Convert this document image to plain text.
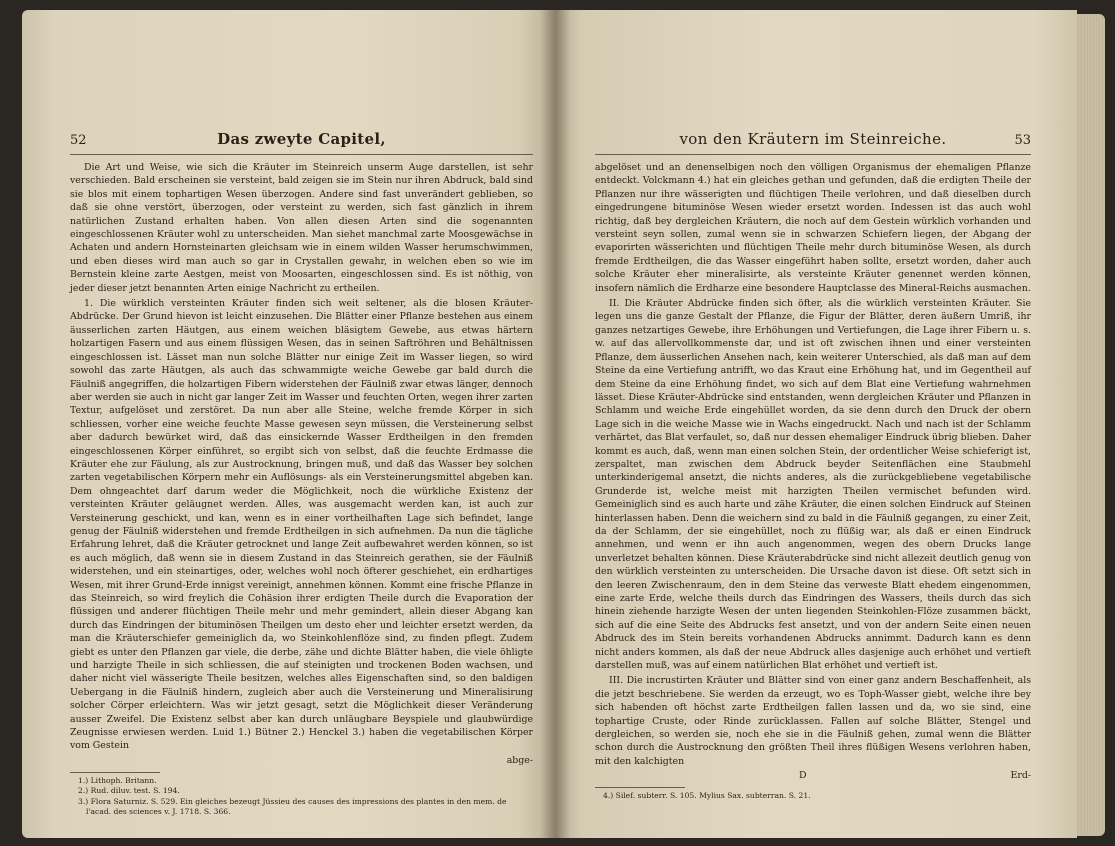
52	Das zweyte Capitel,

Die Art und Weise, wie sich die Kräuter im Steinreich unserm Auge darstellen, ist sehr verschieden. Bald erscheinen sie versteint, bald zeigen sie im Stein nur ihren Abdruck, bald sind sie blos mit einem tophartigen Wesen überzogen. Andere sind fast unverändert geblieben, so daß sie ohne verstört, überzogen, oder versteint zu werden, sich fast gänzlich in ihrem natürlichen Zustand erhalten haben. Von allen diesen Arten sind die sogenannten eingeschlossenen Kräuter wohl zu unterscheiden. Man siehet manchmal zarte Moosgewächse in Achaten und andern Hornsteinarten gleichsam wie in einem wilden Wasser herumschwimmen, und eben dieses wird man auch so gar in Crystallen gewahr, in welchen eben so wie im Bernstein kleine zarte Aestgen, meist von Moosarten, eingeschlossen sind. Es ist nöthig, von jeder dieser jetzt benannten Arten einige Nachricht zu ertheilen.

1. Die würklich versteinten Kräuter finden sich weit seltener, als die blosen Kräuter-Abdrücke. Der Grund hievon ist leicht einzusehen. Die Blätter einer Pflanze bestehen aus einem äusserlichen zarten Häutgen, aus einem weichen bläsigtem Gewebe, aus etwas härtern holzartigen Fasern und aus einem flüssigen Wesen, das in seinen Saftröhren und Behältnissen eingeschlossen ist. Lässet man nun solche Blätter nur einige Zeit im Wasser liegen, so wird sowohl das zarte Häutgen, als auch das schwammigte weiche Gewebe gar bald durch die Fäulniß angegriffen, die holzartigen Fibern widerstehen der Fäulniß zwar etwas länger, dennoch aber werden sie auch in nicht gar langer Zeit im Wasser und feuchten Orten, wegen ihrer zarten Textur, aufgelöset und zerstöret. Da nun aber alle Steine, welche fremde Körper in sich schliessen, vorher eine weiche feuchte Masse gewesen seyn müssen, die Versteinerung selbst aber dadurch bewürket wird, daß das einsickernde Wasser Erdtheilgen in den fremden eingeschlossenen Körper einführet, so ergibt sich von selbst, daß die feuchte Erdmasse die Kräuter ehe zur Fäulung, als zur Austrocknung, bringen muß, und daß das Wasser bey solchen zarten vegetabilischen Körpern mehr ein Auflösungs- als ein Versteinerungsmittel abgeben kan. Dem ohngeachtet darf darum weder die Möglichkeit, noch die würkliche Existenz der versteinten Kräuter geläugnet werden. Alles, was ausgemacht werden kan, ist auch zur Versteinerung geschickt, und kan, wenn es in einer vortheilhaften Lage sich befindet, lange genug der Fäulniß widerstehen und fremde Erdtheilgen in sich aufnehmen. Da nun die tägliche Erfahrung lehret, daß die Kräuter getrocknet und lange Zeit aufbewahret werden können, so ist es auch möglich, daß wenn sie in diesem Zustand in das Steinreich gerathen, sie der Fäulniß widerstehen, und ein steinartiges, oder, welches wohl noch öfterer geschiehet, ein erdhartiges Wesen, mit ihrer Grund-Erde innigst vereinigt, annehmen können. Kommt eine frische Pflanze in das Steinreich, so wird freylich die Cohäsion ihrer erdigten Theile durch die Evaporation der flüssigen und anderer flüchtigen Theile mehr und mehr gemindert, allein dieser Abgang kan durch das Eindringen der bituminösen Theilgen um desto eher und leichter ersetzt werden, da man die Kräuterschiefer gemeiniglich da, wo Steinkohlenflöze sind, zu finden pflegt. Zudem giebt es unter den Pflanzen gar viele, die derbe, zähe und dichte Blätter haben, die viele öhligte und harzigte Theile in sich schliessen, die auf steinigten und trockenen Boden wachsen, und daher nicht viel wässerigte Theile besitzen, welches alles Eigenschaften sind, so den baldigen Uebergang in die Fäulniß hindern, zugleich aber auch die Versteinerung und Mineralisirung solcher Cörper erleichtern. Was wir jetzt gesagt, setzt die Möglichkeit dieser Veränderung ausser Zweifel. Die Existenz selbst aber kan durch unläugbare Beyspiele und glaubwürdige Zeugnisse erwiesen werden. Luid 1.) Bütner 2.) Henckel 3.) haben die vegetabilischen Körper vom Gestein

abge-

1.) Lithoph. Britann.

2.) Rud. diluv. test. S. 194.

3.) Flora Saturniz. S. 529. Ein gleiches bezeugt Jüssieu des causes des impressions des plantes in den mem. de l'acad. des sciences v. J. 1718. S. 366.

von den Kräutern im Steinreiche.	53

abgelöset und an denenselbigen noch den völligen Organismus der ehemaligen Pflanze entdeckt. Volckmann 4.) hat ein gleiches gethan und gefunden, daß die erdigten Theile der Pflanzen nur ihre wässerigten und flüchtigen Theile verlohren, und daß dieselben durch eingedrungene bituminöse Wesen wieder ersetzt worden. Indessen ist das auch wohl richtig, daß bey dergleichen Kräutern, die noch auf dem Gestein würklich vorhanden und versteint seyn sollen, zumal wenn sie in schwarzen Schiefern liegen, der Abgang der evaporirten wässerichten und flüchtigen Theile mehr durch bituminöse Wesen, als durch fremde Erdtheilgen, die das Wasser eingeführt haben sollte, ersetzt worden, daher auch solche Kräuter eher mineralisirte, als versteinte Kräuter genennet werden können, insofern nämlich die Erdharze eine besondere Hauptclasse des Mineral-Reichs ausmachen.

II. Die Kräuter Abdrücke finden sich öfter, als die würklich versteinten Kräuter. Sie legen uns die ganze Gestalt der Pflanze, die Figur der Blätter, deren äußern Umriß, ihr ganzes netzartiges Gewebe, ihre Erhöhungen und Vertiefungen, die Lage ihrer Fibern u. s. w. auf das allervollkommenste dar, und ist oft zwischen ihnen und einer versteinten Pflanze, dem äusserlichen Ansehen nach, kein weiterer Unterschied, als daß man auf dem Steine da eine Vertiefung antrifft, wo das Kraut eine Erhöhung hat, und im Gegentheil auf dem Steine da eine Erhöhung findet, wo sich auf dem Blat eine Vertiefung wahrnehmen lässet. Diese Kräuter-Abdrücke sind entstanden, wenn dergleichen Kräuter und Pflanzen in Schlamm und weiche Erde eingehüllet worden, da sie denn durch den Druck der obern Lage sich in die weiche Masse wie in Wachs eingedruckt. Nach und nach ist der Schlamm verhärtet, das Blat verfaulet, so, daß nur dessen ehemaliger Eindruck übrig blieben. Daher kommt es auch, daß, wenn man einen solchen Stein, der ordentlicher Weise schieferigt ist, zerspaltet, man zwischen dem Abdruck beyder Seitenflächen eine Staubmehl unterkinderigemal ansetzt, die nichts anderes, als die zurückgebliebene vegetabilische Grunderde ist, welche meist mit harzigten Theilen vermischet befunden wird. Gemeiniglich sind es auch harte und zähe Kräuter, die einen solchen Eindruck auf Steinen hinterlassen haben. Denn die weichern sind zu bald in die Fäulniß gegangen, zu einer Zeit, da der Schlamm, der sie eingehüllet, noch zu flüßig war, als daß er einen Eindruck annehmen, und wenn er ihn auch angenommen, wegen des obern Drucks lange unverletzet behalten können. Diese Kräuterabdrücke sind nicht allezeit deutlich genug von den würklich versteinten zu unterscheiden. Die Ursache davon ist diese. Oft setzt sich in den leeren Zwischenraum, den in dem Steine das verweste Blatt ehedem eingenommen, eine zarte Erde, welche theils durch das Eindringen des Wassers, theils durch das sich hinein ziehende harzigte Wesen der unten liegenden Steinkohlen-Flöze zusammen bäckt, sich auf die eine Seite des Abdrucks fest ansetzt, und von der andern Seite einen neuen Abdruck des im Stein bereits vorhandenen Abdrucks annimmt. Dadurch kann es denn nicht anders kommen, als daß der neue Abdruck alles dasjenige auch erhöhet und vertieft darstellen muß, was auf einem natürlichen Blat erhöhet und vertieft ist.

III. Die incrustirten Kräuter und Blätter sind von einer ganz andern Beschaffenheit, als die jetzt beschriebene. Sie werden da erzeugt, wo es Toph-Wasser giebt, welche ihre bey sich habenden oft höchst zarte Erdtheilgen fallen lassen und da, wo sie sind, eine tophartige Cruste, oder Rinde zurücklassen. Fallen auf solche Blätter, Stengel und dergleichen, so werden sie, noch ehe sie in die Fäulniß gehen, zumal wenn die Blätter schon durch die Austrocknung den größten Theil ihres flüßigen Wesens verlohren haben, mit den kalchigten

D	Erd-

4.) Silef. subterr. S. 105. Mylius Sax. subterran. S. 21.
